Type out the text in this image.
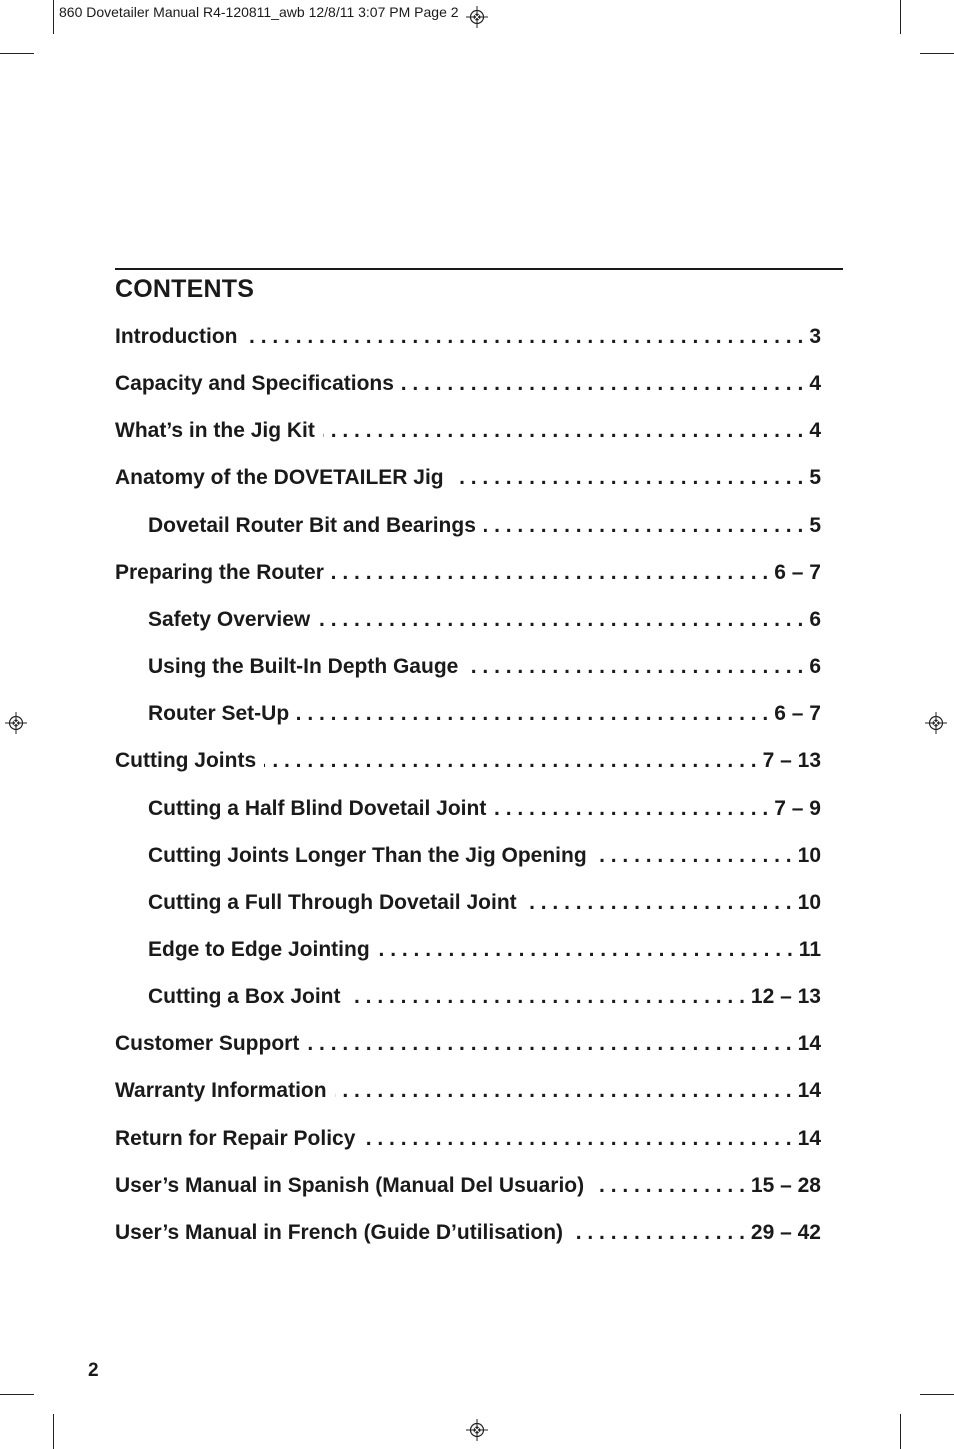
860 Dovetailer Manual R4-120811_awb 12/8/11 3:07 PM Page 2
CONTENTS
Introduction . . .	3
Capacity and Specifications . . .	4
What’s in the Jig Kit . . .	4
Anatomy of the DOVETAILER Jig . . .	5
Dovetail Router Bit and Bearings . . .	5
Preparing the Router . . .	6 – 7
Safety Overview . . .	6
Using the Built-In Depth Gauge . . .	6
Router Set-Up . . .	6 – 7
Cutting Joints . . .	7 – 13
Cutting a Half Blind Dovetail Joint . . .	7 – 9
Cutting Joints Longer Than the Jig Opening . . .	10
Cutting a Full Through Dovetail Joint . . .	10
Edge to Edge Jointing . . .	11
Cutting a Box Joint . . .	12 – 13
Customer Support . . .	14
Warranty Information . . .	14
Return for Repair Policy . . .	14
User’s Manual in Spanish (Manual Del Usuario) . . .	15 – 28
User’s Manual in French (Guide D’utilisation) . . .	29 – 42
2
